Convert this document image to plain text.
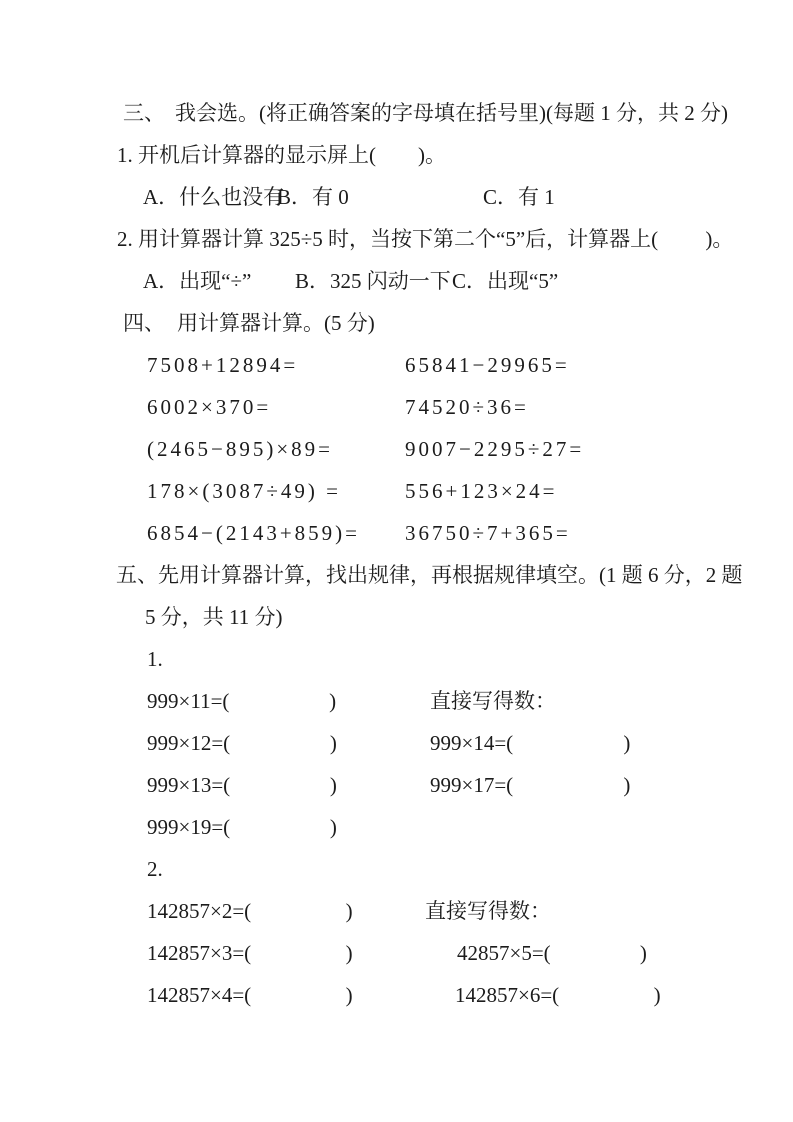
三、 我会选。(将正确答案的字母填在括号里)(每题 1 分，共 2 分)
1. 开机后计算器的显示屏上(        )。
A．什么也没有
B．有 0	C．有 1
2. 用计算器计算 325÷5 时，当按下第二个“5”后，计算器上(         )。
A．出现“÷” B．325 闪动一下 C．出现“5”
四、 用计算器计算。(5 分)
7508+12894=	65841−29965=
6002×370=	74520÷36=
(2465−895)×89=	9007−2295÷27=
178×(3087÷49) =	556+123×24=
6854−(2143+859)= 36750÷7+365=
五、先用计算器计算，找出规律，再根据规律填空。(1 题 6 分，2 题
5 分，共 11 分)
1.
999×11=(                   )	直接写得数：
999×12=(                   )	999×14=(                     )
999×13=(                   )	999×17=(                     )
999×19=(                   )
2.
142857×2=(                  )	直接写得数：
142857×3=(                  )	42857×5=(                 )
142857×4=(                  )	142857×6=(                  )
